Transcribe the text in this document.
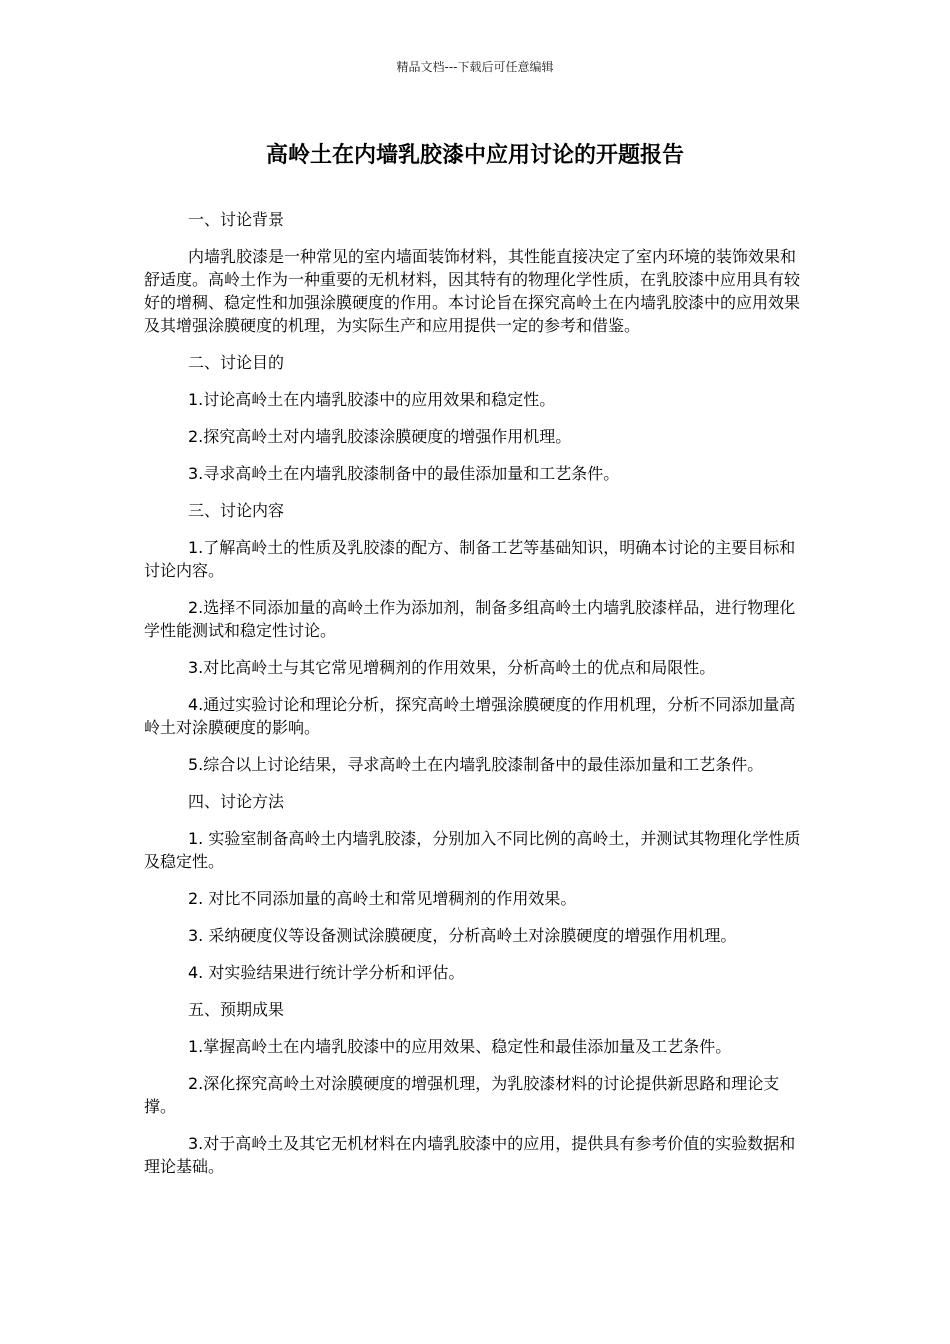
精品文档---下载后可任意编辑
高岭土在内墙乳胶漆中应用讨论的开题报告

一、讨论背景

内墙乳胶漆是一种常见的室内墙面装饰材料，其性能直接决定了室内环境的装饰效果和舒适度。高岭土作为一种重要的无机材料，因其特有的物理化学性质，在乳胶漆中应用具有较好的增稠、稳定性和加强涂膜硬度的作用。本讨论旨在探究高岭土在内墙乳胶漆中的应用效果及其增强涂膜硬度的机理，为实际生产和应用提供一定的参考和借鉴。

二、讨论目的

1.讨论高岭土在内墙乳胶漆中的应用效果和稳定性。

2.探究高岭土对内墙乳胶漆涂膜硬度的增强作用机理。

3.寻求高岭土在内墙乳胶漆制备中的最佳添加量和工艺条件。

三、讨论内容

1.了解高岭土的性质及乳胶漆的配方、制备工艺等基础知识，明确本讨论的主要目标和讨论内容。

2.选择不同添加量的高岭土作为添加剂，制备多组高岭土内墙乳胶漆样品，进行物理化学性能测试和稳定性讨论。

3.对比高岭土与其它常见增稠剂的作用效果，分析高岭土的优点和局限性。

4.通过实验讨论和理论分析，探究高岭土增强涂膜硬度的作用机理，分析不同添加量高岭土对涂膜硬度的影响。

5.综合以上讨论结果，寻求高岭土在内墙乳胶漆制备中的最佳添加量和工艺条件。

四、讨论方法

1. 实验室制备高岭土内墙乳胶漆，分别加入不同比例的高岭土，并测试其物理化学性质及稳定性。

2. 对比不同添加量的高岭土和常见增稠剂的作用效果。

3. 采纳硬度仪等设备测试涂膜硬度，分析高岭土对涂膜硬度的增强作用机理。

4. 对实验结果进行统计学分析和评估。

五、预期成果

1.掌握高岭土在内墙乳胶漆中的应用效果、稳定性和最佳添加量及工艺条件。

2.深化探究高岭土对涂膜硬度的增强机理，为乳胶漆材料的讨论提供新思路和理论支撑。

3.对于高岭土及其它无机材料在内墙乳胶漆中的应用，提供具有参考价值的实验数据和理论基础。
